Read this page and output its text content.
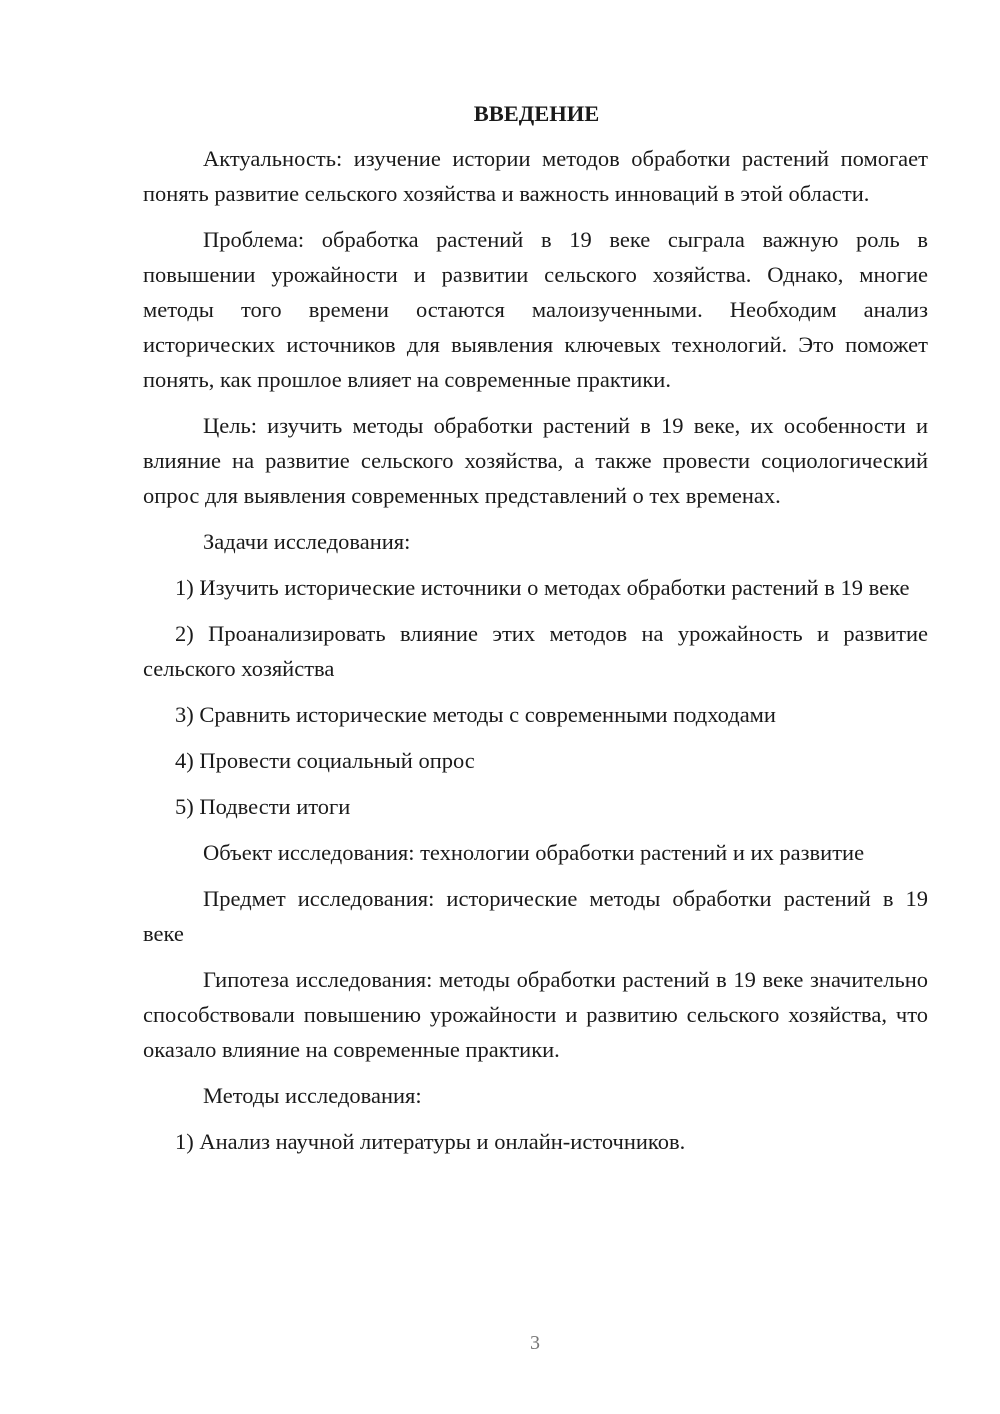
ВВЕДЕНИЕ

Актуальность: изучение истории методов обработки растений помогает понять развитие сельского хозяйства и важность инноваций в этой области.

Проблема: обработка растений в 19 веке сыграла важную роль в повышении урожайности и развитии сельского хозяйства. Однако, многие методы того времени остаются малоизученными. Необходим анализ исторических источников для выявления ключевых технологий. Это поможет понять, как прошлое влияет на современные практики.

Цель: изучить методы обработки растений в 19 веке, их особенности и влияние на развитие сельского хозяйства, а также провести социологический опрос для выявления современных представлений о тех временах.

Задачи исследования:

1) Изучить исторические источники о методах обработки растений в 19 веке

2) Проанализировать влияние этих методов на урожайность и развитие сельского хозяйства

3) Сравнить исторические методы с современными подходами

4) Провести социальный опрос

5) Подвести итоги

Объект исследования: технологии обработки растений и их развитие

Предмет исследования: исторические методы обработки растений в 19 веке

Гипотеза исследования: методы обработки растений в 19 веке значительно способствовали повышению урожайности и развитию сельского хозяйства, что оказало влияние на современные практики.

Методы исследования:

1) Анализ научной литературы и онлайн-источников.

3
